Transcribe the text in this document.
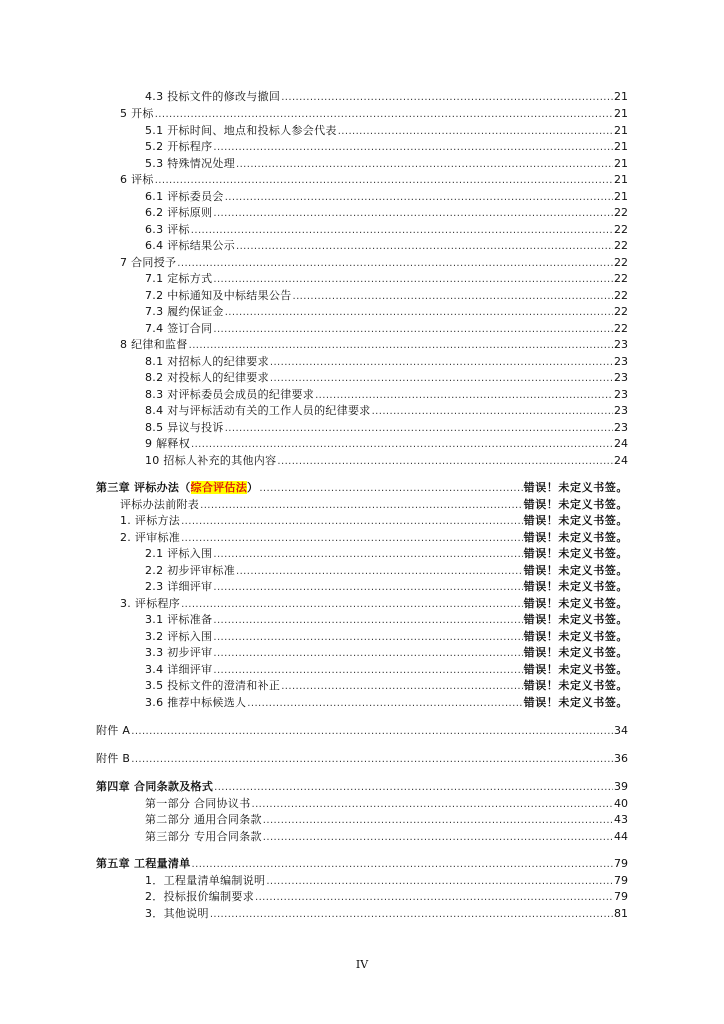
4.3 投标文件的修改与撤回 .....	21
5 开标 .....	21
5.1 开标时间、地点和投标人参会代表 .....	21
5.2 开标程序 .....	21
5.3 特殊情况处理 .....	21
6 评标 .....	21
6.1 评标委员会 .....	21
6.2 评标原则 .....	22
6.3 评标 .....	22
6.4 评标结果公示 .....	22
7 合同授予 .....	22
7.1 定标方式 .....	22
7.2 中标通知及中标结果公告 .....	22
7.3 履约保证金 .....	22
7.4 签订合同 .....	22
8 纪律和监督 .....	23
8.1 对招标人的纪律要求 .....	23
8.2 对投标人的纪律要求 .....	23
8.3 对评标委员会成员的纪律要求 .....	23
8.4 对与评标活动有关的工作人员的纪律要求 .....	23
8.5 异议与投诉 .....	23
9 解释权 .....	24
10 招标人补充的其他内容 .....	24
第三章 评标办法（综合评估法） .....	错误！未定义书签。
评标办法前附表 .....	错误！未定义书签。
1. 评标方法 .....	错误！未定义书签。
2. 评审标准 .....	错误！未定义书签。
2.1 评标入围 .....	错误！未定义书签。
2.2 初步评审标准 .....	错误！未定义书签。
2.3 详细评审 .....	错误！未定义书签。
3. 评标程序 .....	错误！未定义书签。
3.1 评标准备 .....	错误！未定义书签。
3.2 评标入围 .....	错误！未定义书签。
3.3 初步评审 .....	错误！未定义书签。
3.4 详细评审 .....	错误！未定义书签。
3.5 投标文件的澄清和补正 .....	错误！未定义书签。
3.6 推荐中标候选人 .....	错误！未定义书签。
附件 A .....	34
附件 B .....	36
第四章 合同条款及格式 .....	39
第一部分 合同协议书 .....	40
第二部分 通用合同条款 .....	43
第三部分 专用合同条款 .....	44
第五章 工程量清单 .....	79
1．工程量清单编制说明 .....	79
2．投标报价编制要求 .....	79
3．其他说明 .....	81
IV
